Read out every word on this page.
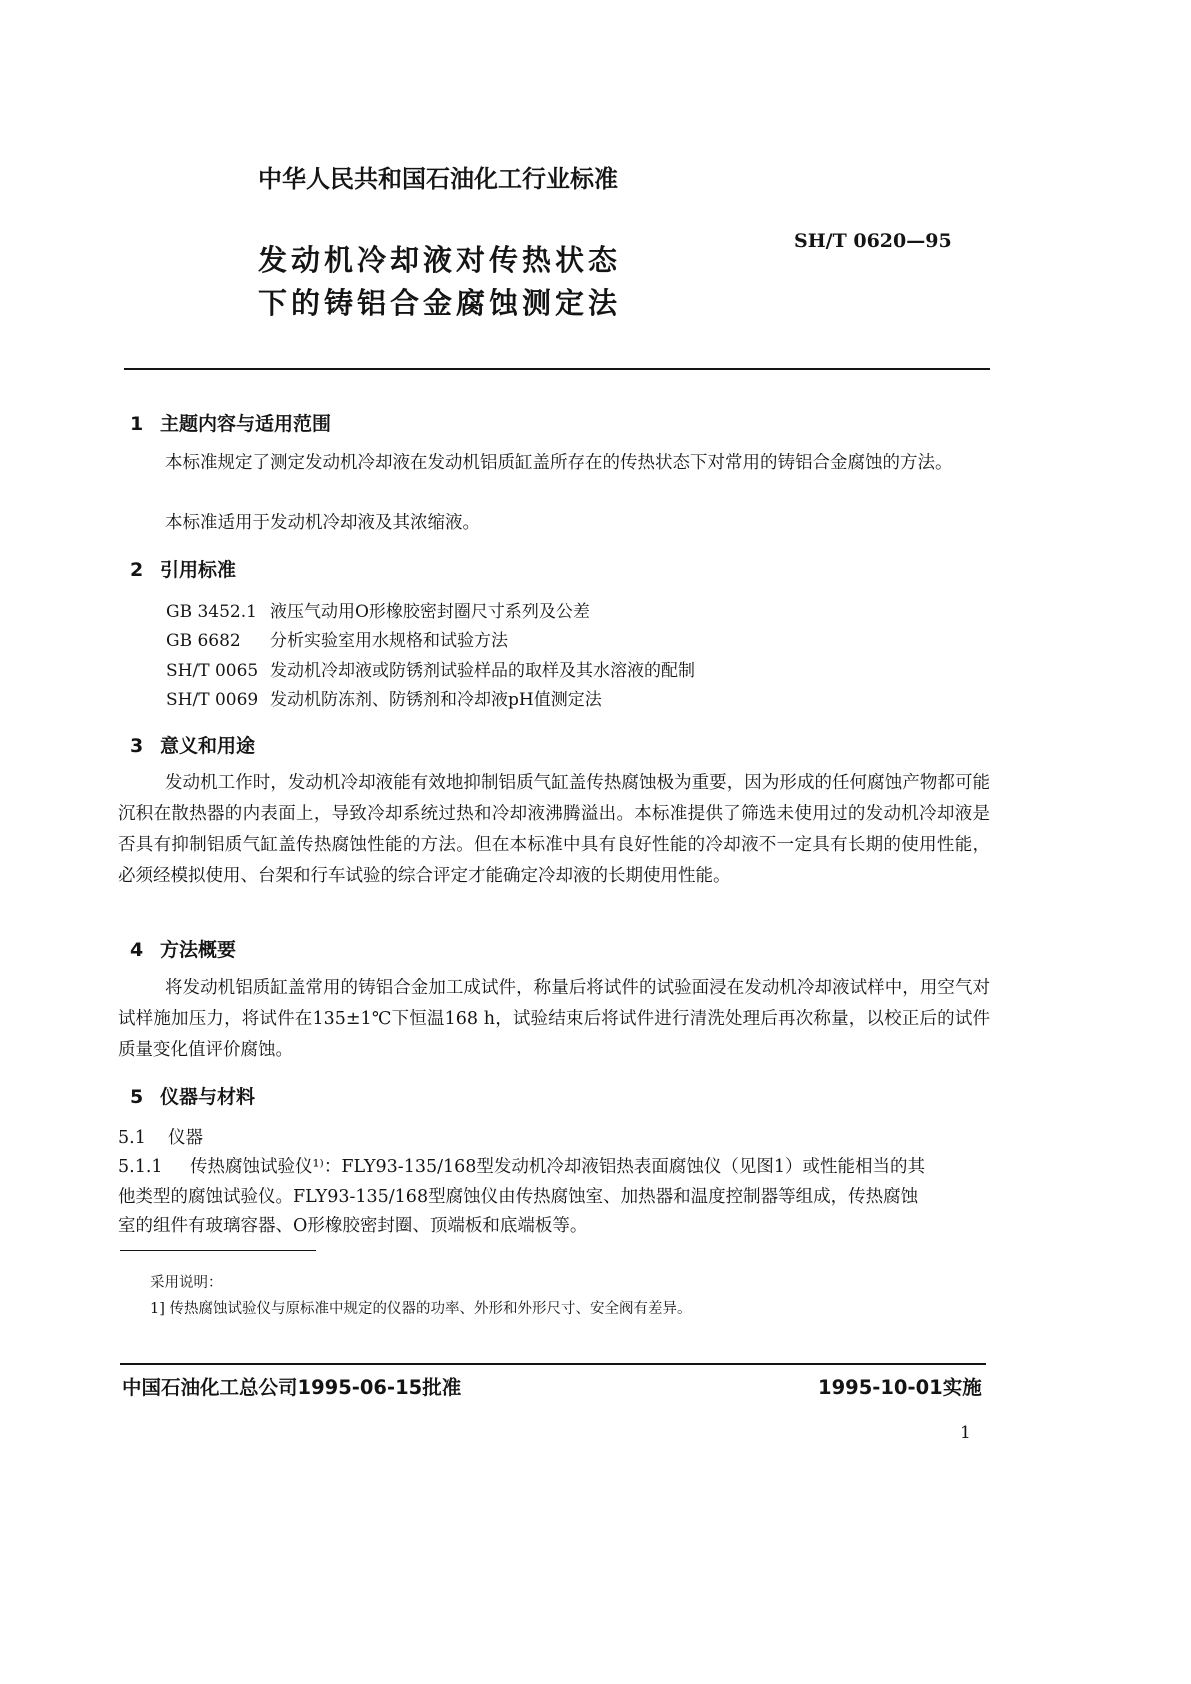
中华人民共和国石油化工行业标准
发动机冷却液对传热状态
下的铸铝合金腐蚀测定法
SH/T 0620—95
1 主题内容与适用范围

本标准规定了测定发动机冷却液在发动机铝质缸盖所存在的传热状态下对常用的铸铝合金腐蚀的方法。

本标准适用于发动机冷却液及其浓缩液。

2 引用标准
GB 3452.1 液压气动用O形橡胶密封圈尺寸系列及公差
GB 6682 分析实验室用水规格和试验方法
SH/T 0065 发动机冷却液或防锈剂试验样品的取样及其水溶液的配制
SH/T 0069 发动机防冻剂、防锈剂和冷却液pH值测定法
3 意义和用途

发动机工作时，发动机冷却液能有效地抑制铝质气缸盖传热腐蚀极为重要，因为形成的任何腐蚀产物都可能沉积在散热器的内表面上，导致冷却系统过热和冷却液沸腾溢出。本标准提供了筛选未使用过的发动机冷却液是否具有抑制铝质气缸盖传热腐蚀性能的方法。但在本标准中具有良好性能的冷却液不一定具有长期的使用性能，必须经模拟使用、台架和行车试验的综合评定才能确定冷却液的长期使用性能。

4 方法概要

将发动机铝质缸盖常用的铸铝合金加工成试件，称量后将试件的试验面浸在发动机冷却液试样中，用空气对试样施加压力，将试件在135±1℃下恒温168 h，试验结束后将试件进行清洗处理后再次称量，以校正后的试件质量变化值评价腐蚀。

5 仪器与材料
5.1 仪器
5.1.1 传热腐蚀试验仪¹⁾：FLY93-135/168型发动机冷却液铝热表面腐蚀仪（见图1）或性能相当的其
他类型的腐蚀试验仪。FLY93-135/168型腐蚀仪由传热腐蚀室、加热器和温度控制器等组成，传热腐蚀
室的组件有玻璃容器、O形橡胶密封圈、顶端板和底端板等。
采用说明：
1] 传热腐蚀试验仪与原标准中规定的仪器的功率、外形和外形尺寸、安全阀有差异。
中国石油化工总公司1995-06-15批准	1995-10-01实施
1
